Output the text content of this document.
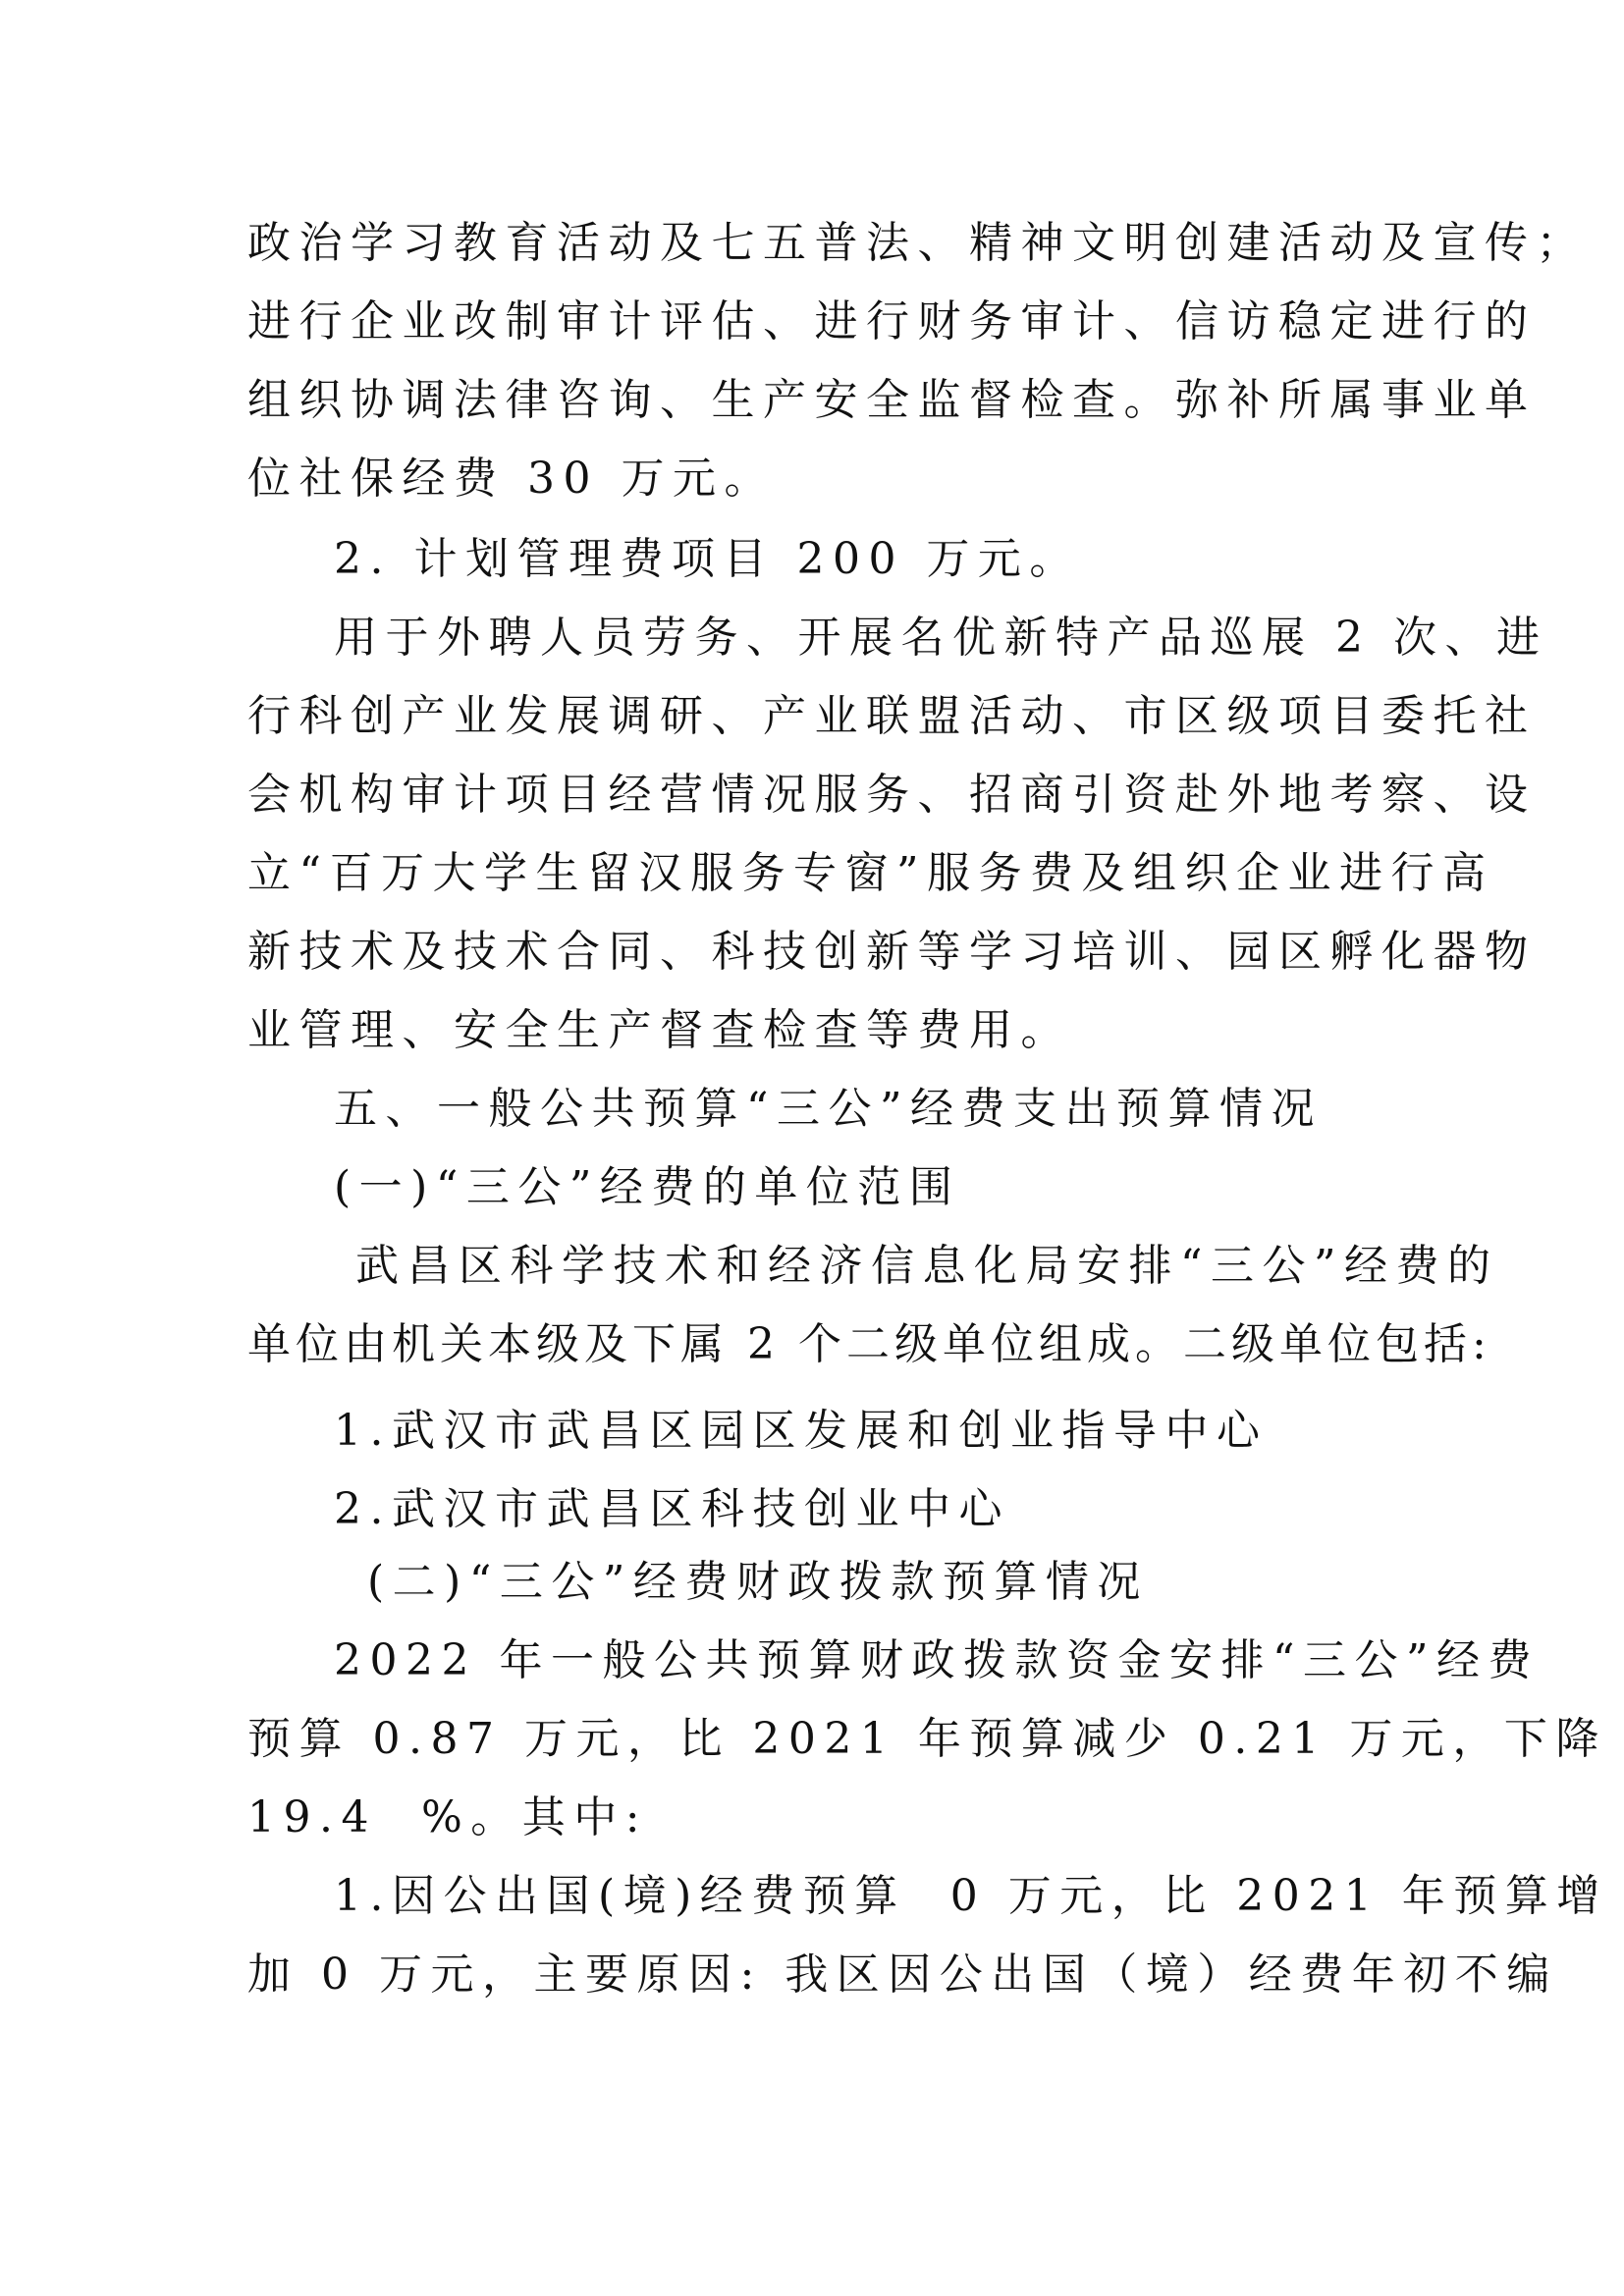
政治学习教育活动及七五普法、精神文明创建活动及宣传；
进行企业改制审计评估、进行财务审计、信访稳定进行的
组织协调法律咨询、生产安全监督检查。弥补所属事业单
位社保经费 30 万元。
2. 计划管理费项目 200 万元。
用于外聘人员劳务、开展名优新特产品巡展 2 次、进
行科创产业发展调研、产业联盟活动、市区级项目委托社
会机构审计项目经营情况服务、招商引资赴外地考察、设
立“百万大学生留汉服务专窗”服务费及组织企业进行高
新技术及技术合同、科技创新等学习培训、园区孵化器物
业管理、安全生产督查检查等费用。
五、一般公共预算“三公”经费支出预算情况
(一)“三公”经费的单位范围
武昌区科学技术和经济信息化局安排“三公”经费的
单位由机关本级及下属 2 个二级单位组成。二级单位包括:
1.武汉市武昌区园区发展和创业指导中心
2.武汉市武昌区科技创业中心
(二)“三公”经费财政拨款预算情况
2022 年一般公共预算财政拨款资金安排“三公”经费
预算 0.87 万元，比 2021 年预算减少 0.21 万元，下降
19.4  %。其中:
1.因公出国(境)经费预算  0 万元，比 2021 年预算增
加 0 万元，主要原因: 我区因公出国（境）经费年初不编
